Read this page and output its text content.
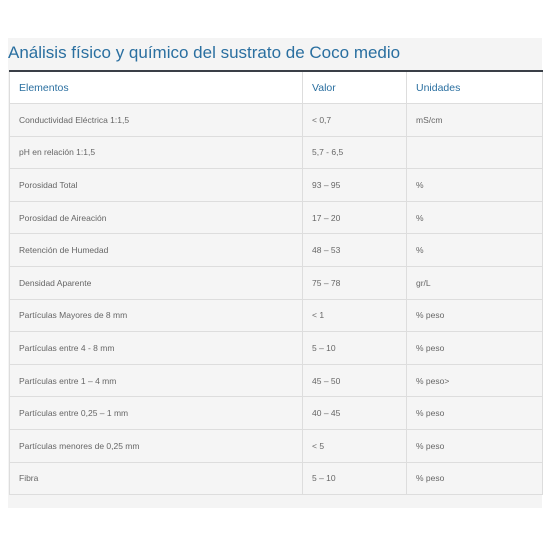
Análisis físico y químico del sustrato de Coco medio
Elementos	Valor	Unidades
Conductividad Eléctrica 1:1,5	< 0,7	mS/cm
pH en relación 1:1,5	5,7 - 6,5	
Porosidad Total	93 – 95	%
Porosidad de Aireación	17 – 20	%
Retención de Humedad	48 – 53	%
Densidad Aparente	75 – 78	gr/L
Partículas Mayores de 8 mm	< 1	% peso
Partículas entre 4 - 8 mm	5 – 10	% peso
Partículas entre 1 – 4 mm	45 – 50	% peso>
Partículas entre 0,25 – 1 mm	40 – 45	% peso
Partículas menores de 0,25 mm	< 5	% peso
Fibra	5 – 10	% peso
